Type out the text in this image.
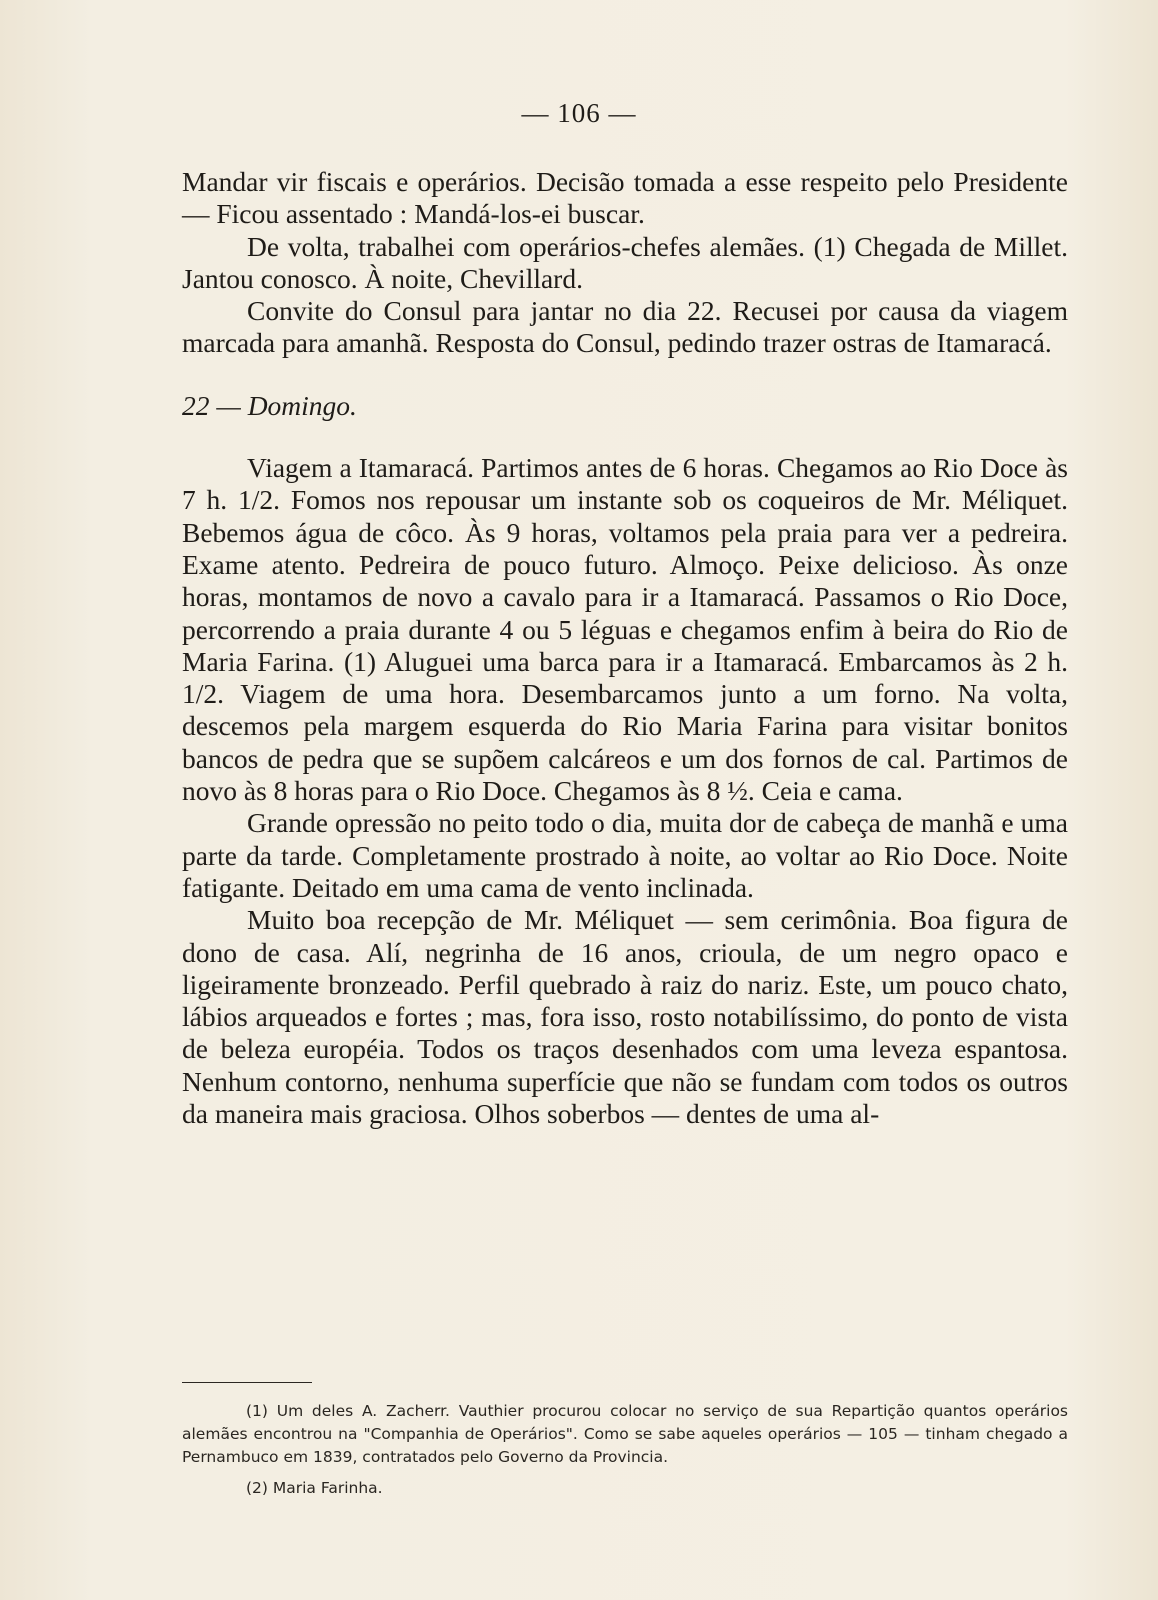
— 106 —

Mandar vir fiscais e operários. Decisão tomada a esse respeito pelo Presidente — Ficou assentado : Mandá-los-ei buscar.

De volta, trabalhei com operários-chefes alemães. (1) Chegada de Millet. Jantou conosco. À noite, Chevillard.

Convite do Consul para jantar no dia 22. Recusei por causa da viagem marcada para amanhã. Resposta do Consul, pedindo trazer ostras de Itamaracá.

22 — Domingo.

Viagem a Itamaracá. Partimos antes de 6 horas. Chegamos ao Rio Doce às 7 h. 1/2. Fomos nos repousar um instante sob os coqueiros de Mr. Méliquet. Bebemos água de côco. Às 9 horas, voltamos pela praia para ver a pedreira. Exame atento. Pedreira de pouco futuro. Almoço. Peixe delicioso. Às onze horas, montamos de novo a cavalo para ir a Itamaracá. Passamos o Rio Doce, percorrendo a praia durante 4 ou 5 léguas e chegamos enfim à beira do Rio de Maria Farina. (1) Aluguei uma barca para ir a Itamaracá. Embarcamos às 2 h. 1/2. Viagem de uma hora. Desembarcamos junto a um forno. Na volta, descemos pela margem esquerda do Rio Maria Farina para visitar bonitos bancos de pedra que se supõem calcáreos e um dos fornos de cal. Partimos de novo às 8 horas para o Rio Doce. Chegamos às 8 ½. Ceia e cama.

Grande opressão no peito todo o dia, muita dor de cabeça de manhã e uma parte da tarde. Completamente prostrado à noite, ao voltar ao Rio Doce. Noite fatigante. Deitado em uma cama de vento inclinada.

Muito boa recepção de Mr. Méliquet — sem cerimônia. Boa figura de dono de casa. Alí, negrinha de 16 anos, crioula, de um negro opaco e ligeiramente bronzeado. Perfil quebrado à raiz do nariz. Este, um pouco chato, lábios arqueados e fortes ; mas, fora isso, rosto notabilíssimo, do ponto de vista de beleza européia. Todos os traços desenhados com uma leveza espantosa. Nenhum contorno, nenhuma superfície que não se fundam com todos os outros da maneira mais graciosa. Olhos soberbos — dentes de uma al-

(1) Um deles A. Zacherr. Vauthier procurou colocar no serviço de sua Repartição quantos operários alemães encontrou na "Companhia de Operários". Como se sabe aqueles operários — 105 — tinham chegado a Pernambuco em 1839, contratados pelo Governo da Provincia.

(2) Maria Farinha.
